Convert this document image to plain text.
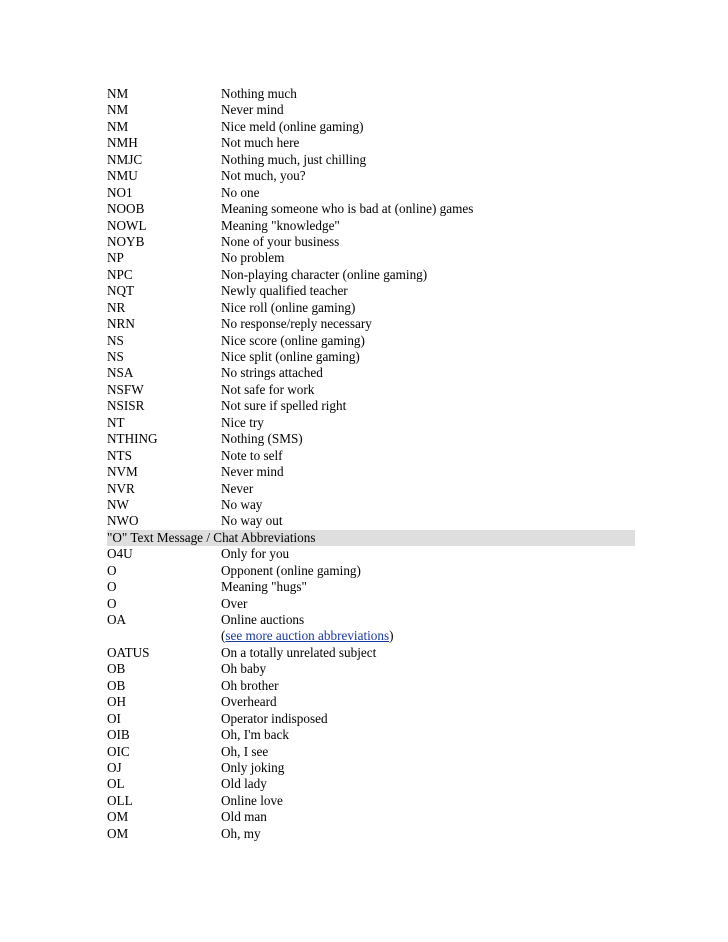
NM	Nothing much
NM	Never mind
NM	Nice meld (online gaming)
NMH	Not much here
NMJC	Nothing much, just chilling
NMU	Not much, you?
NO1	No one
NOOB	Meaning someone who is bad at (online) games
NOWL	Meaning "knowledge"
NOYB	None of your business
NP	No problem
NPC	Non-playing character (online gaming)
NQT	Newly qualified teacher
NR	Nice roll (online gaming)
NRN	No response/reply necessary
NS	Nice score (online gaming)
NS	Nice split (online gaming)
NSA	No strings attached
NSFW	Not safe for work
NSISR	Not sure if spelled right
NT	Nice try
NTHING	Nothing (SMS)
NTS	Note to self
NVM	Never mind
NVR	Never
NW	No way
NWO	No way out
"O" Text Message / Chat Abbreviations
O4U	Only for you
O	Opponent (online gaming)
O	Meaning "hugs"
O	Over
OA	Online auctions
(see more auction abbreviations)
OATUS	On a totally unrelated subject
OB	Oh baby
OB	Oh brother
OH	Overheard
OI	Operator indisposed
OIB	Oh, I'm back
OIC	Oh, I see
OJ	Only joking
OL	Old lady
OLL	Online love
OM	Old man
OM	Oh, my
